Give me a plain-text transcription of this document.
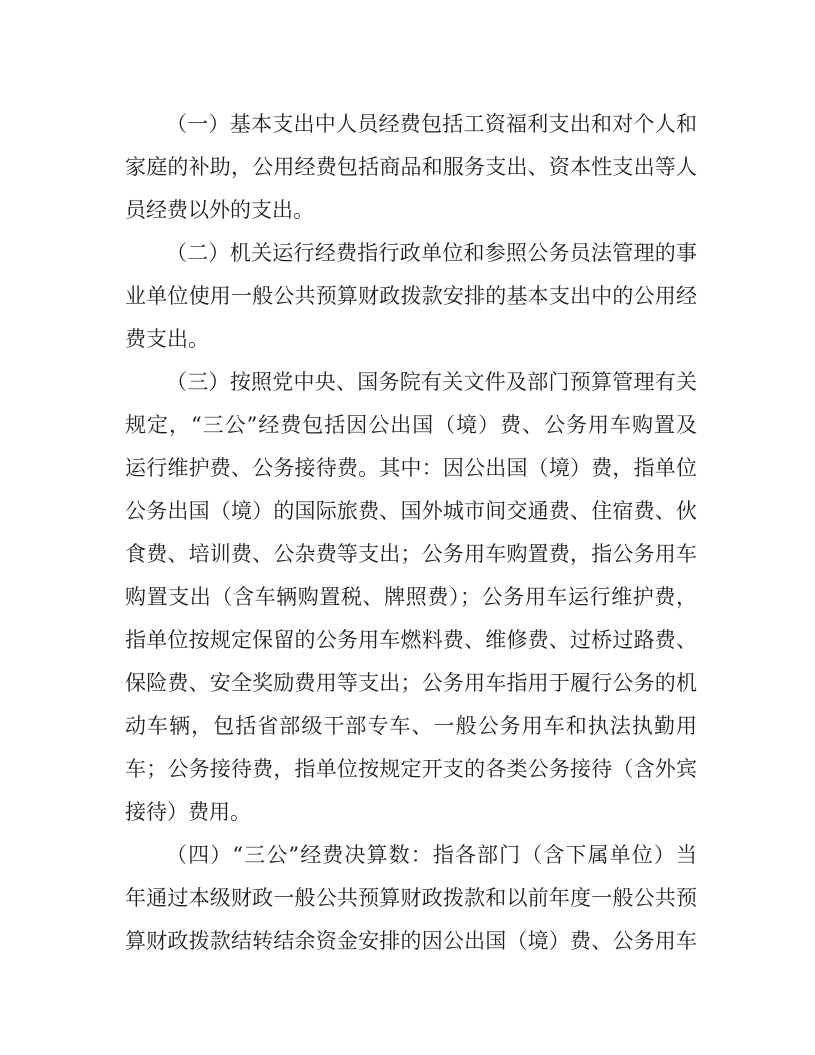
（一）基本支出中人员经费包括工资福利支出和对个人和
家庭的补助，公用经费包括商品和服务支出、资本性支出等人
员经费以外的支出。
（二）机关运行经费指行政单位和参照公务员法管理的事
业单位使用一般公共预算财政拨款安排的基本支出中的公用经
费支出。
（三）按照党中央、国务院有关文件及部门预算管理有关
规定，“三公”经费包括因公出国（境）费、公务用车购置及
运行维护费、公务接待费。其中：因公出国（境）费，指单位
公务出国（境）的国际旅费、国外城市间交通费、住宿费、伙
食费、培训费、公杂费等支出；公务用车购置费，指公务用车
购置支出（含车辆购置税、牌照费）；公务用车运行维护费，
指单位按规定保留的公务用车燃料费、维修费、过桥过路费、
保险费、安全奖励费用等支出；公务用车指用于履行公务的机
动车辆，包括省部级干部专车、一般公务用车和执法执勤用
车；公务接待费，指单位按规定开支的各类公务接待（含外宾
接待）费用。
（四）“三公”经费决算数：指各部门（含下属单位）当
年通过本级财政一般公共预算财政拨款和以前年度一般公共预
算财政拨款结转结余资金安排的因公出国（境）费、公务用车
